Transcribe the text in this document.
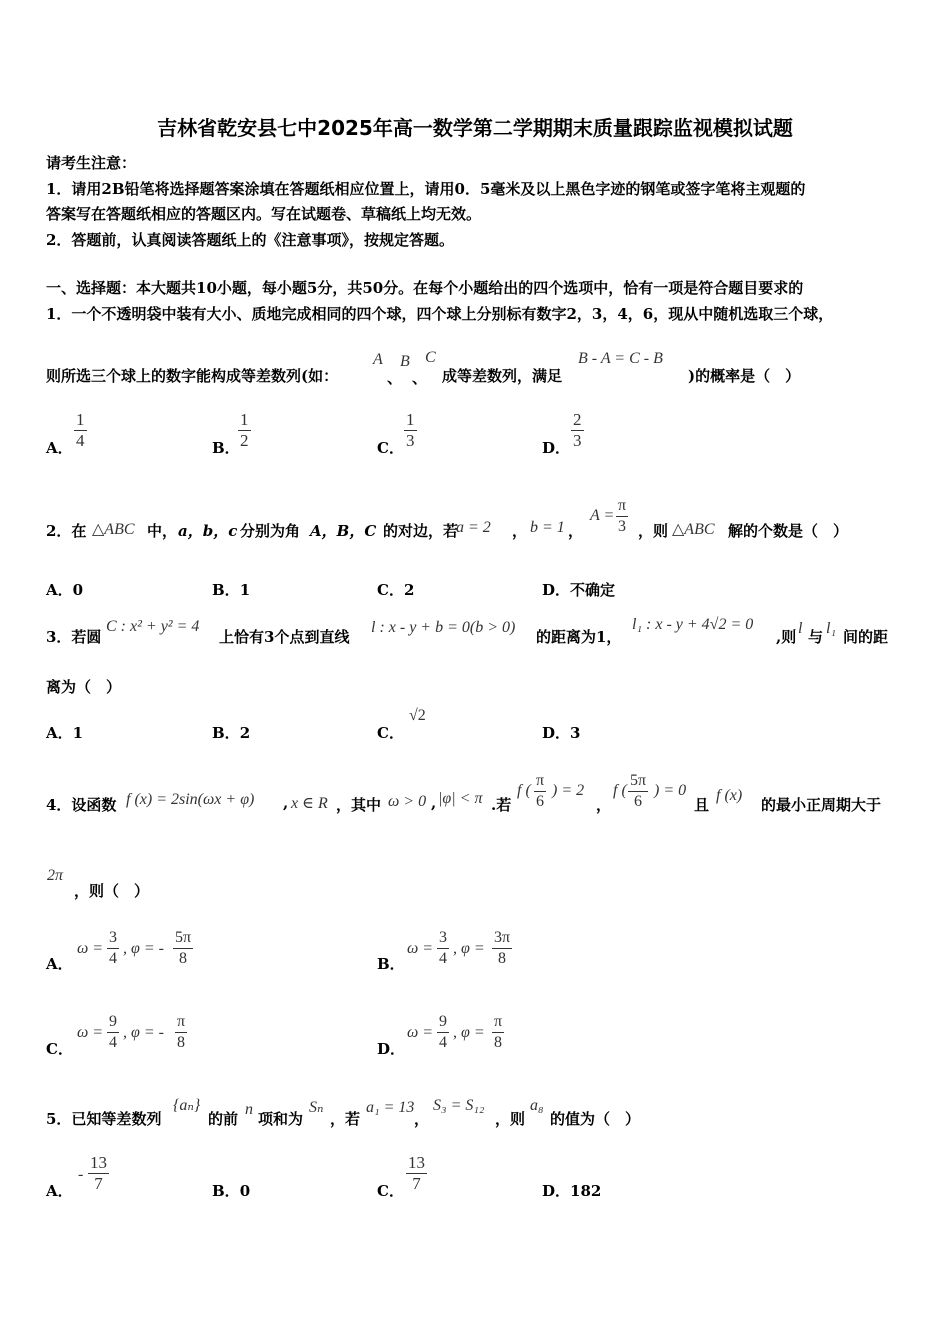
吉林省乾安县七中2025年高一数学第二学期期末质量跟踪监视模拟试题
请考生注意：
1．请用2B铅笔将选择题答案涂填在答题纸相应位置上，请用0．5毫米及以上黑色字迹的钢笔或签字笔将主观题的
答案写在答题纸相应的答题区内。写在试题卷、草稿纸上均无效。
2．答题前，认真阅读答题纸上的《注意事项》，按规定答题。
一、选择题：本大题共10小题，每小题5分，共50分。在每个小题给出的四个选项中，恰有一项是符合题目要求的
1．一个不透明袋中装有大小、质地完成相同的四个球，四个球上分别标有数字2，3，4，6，现从中随机选取三个球，
则所选三个球上的数字能构成等差数列(如：
A
、
B
、
C
成等差数列，满足
B - A = C - B
)的概率是（　）
A． $\frac{1}{4}$	B．
$\frac{1}{2}$	C． $\frac{1}{3}$	D． $\frac{2}{3}$
2．在 △ABC 中， a，b，c 分别为角 A，B，C 的对边，若
a = 2 ， b = 1 ，
$A = \frac{\pi}{3}$ ，则 △ABC 解的个数是（　）
A．0	B．1	C．2	D．不确定
3．若圆
C : x² + y² = 4
上恰有3个点到直线
l : x - y + b = 0(b > 0)
的距离为1，
l₁ : x - y + 4√2 = 0
,则 l 与 l₁ 间的距
离为（　）
A．1	B．2	C．
√2
D．3
4．设函数 f (x) = 2sin(ωx + φ) , x ∈ R ，其中 ω > 0 , |φ| < π .若
f ( $\frac{\pi}{6}$ ) = 2
，
f ( $\frac{5\pi}{6}$ ) = 0
且
f (x)
的最小正周期大于
2π
，则（　）
A．
$\omega = \frac{3}{4}$ , φ = - $\frac{5\pi}{8}$	B．
$\omega = \frac{3}{4}$ , $\varphi = \frac{3\pi}{8}$
C．
$\omega = \frac{9}{4}$ , φ = - $\frac{\pi}{8}$	D．
$\omega = \frac{9}{4}$ , $\varphi = \frac{\pi}{8}$
5．已知等差数列
{aₙ}
的前
n
项和为
Sₙ
，若
a₁ = 13
，
S₃ = S₁₂
，则
a₈
的值为（　）
A．
- $\frac{13}{7}$	B．0	C． $\frac{13}{7}$	D．182
